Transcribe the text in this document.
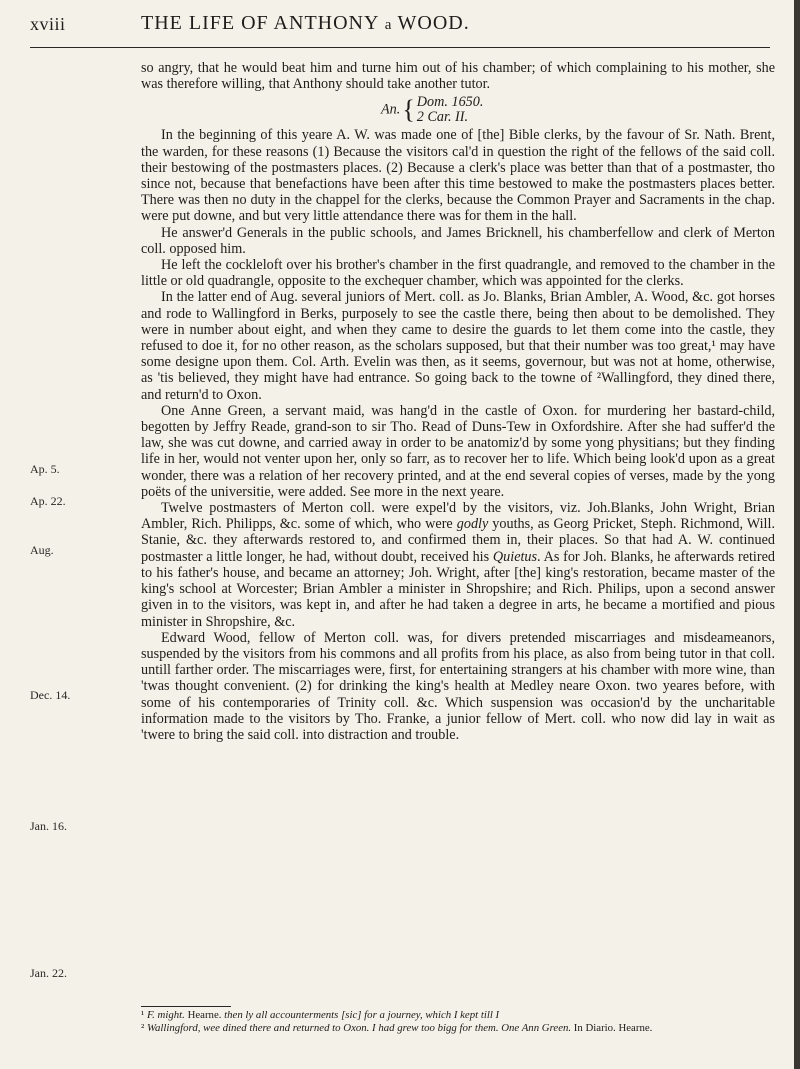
xviii	THE LIFE OF ANTHONY a WOOD.
Ap. 5.
Ap. 22.
Aug.
Dec. 14.
Jan. 16.
Jan. 22.

so angry, that he would beat him and turne him out of his chamber; of which complaining to his mother, she was therefore willing, that Anthony should take another tutor.

An.{ Dom. 1650.
2 Car. II.

In the beginning of this yeare A. W. was made one of [the] Bible clerks, by the favour of Sr. Nath. Brent, the warden, for these reasons (1) Because the visitors cal'd in question the right of the fellows of the said coll. their bestowing of the postmasters places. (2) Because a clerk's place was better than that of a postmaster, tho since not, because that benefactions have been after this time bestowed to make the postmasters places better. There was then no duty in the chappel for the clerks, because the Common Prayer and Sacraments in the chap. were put downe, and but very little attendance there was for them in the hall.

He answer'd Generals in the public schools, and James Bricknell, his chamberfellow and clerk of Merton coll. opposed him.

He left the cockleloft over his brother's chamber in the first quadrangle, and removed to the chamber in the little or old quadrangle, opposite to the exchequer chamber, which was appointed for the clerks.

In the latter end of Aug. several juniors of Mert. coll. as Jo. Blanks, Brian Ambler, A. Wood, &c. got horses and rode to Wallingford in Berks, purposely to see the castle there, being then about to be demolished. They were in number about eight, and when they came to desire the guards to let them come into the castle, they refused to doe it, for no other reason, as the scholars supposed, but that their number was too great,¹ may have some designe upon them. Col. Arth. Evelin was then, as it seems, governour, but was not at home, otherwise, as 'tis believed, they might have had entrance. So going back to the towne of ²Wallingford, they dined there, and return'd to Oxon.

One Anne Green, a servant maid, was hang'd in the castle of Oxon. for murdering her bastard-child, begotten by Jeffry Reade, grand-son to sir Tho. Read of Duns-Tew in Oxfordshire. After she had suffer'd the law, she was cut downe, and carried away in order to be anatomiz'd by some yong physitians; but they finding life in her, would not venter upon her, only so farr, as to recover her to life. Which being look'd upon as a great wonder, there was a relation of her recovery printed, and at the end several copies of verses, made by the yong poëts of the universitie, were added. See more in the next yeare.

Twelve postmasters of Merton coll. were expel'd by the visitors, viz. Joh.Blanks, John Wright, Brian Ambler, Rich. Philipps, &c. some of which, who were godly youths, as Georg Pricket, Steph. Richmond, Will. Stanie, &c. they afterwards restored to, and confirmed them in, their places. So that had A. W. continued postmaster a little longer, he had, without doubt, received his Quietus. As for Joh. Blanks, he afterwards retired to his father's house, and became an attorney; Joh. Wright, after [the] king's restoration, became master of the king's school at Worcester; Brian Ambler a minister in Shropshire; and Rich. Philips, upon a second answer given in to the visitors, was kept in, and after he had taken a degree in arts, he became a mortified and pious minister in Shropshire, &c.

Edward Wood, fellow of Merton coll. was, for divers pretended miscarriages and misdeameanors, suspended by the visitors from his commons and all profits from his place, as also from being tutor in that coll. untill farther order. The miscarriages were, first, for entertaining strangers at his chamber with more wine, than 'twas thought convenient. (2) for drinking the king's health at Medley neare Oxon. two yeares before, with some of his contemporaries of Trinity coll. &c. Which suspension was occasion'd by the uncharitable information made to the visitors by Tho. Franke, a junior fellow of Mert. coll. who now did lay in wait as 'twere to bring the said coll. into distraction and trouble.

¹ F. might. Hearne. then ly all accounterments [sic] for a journey, which I kept till I

² Wallingford, wee dined there and returned to Oxon. I had grew too bigg for them. One Ann Green. In Diario. Hearne.
